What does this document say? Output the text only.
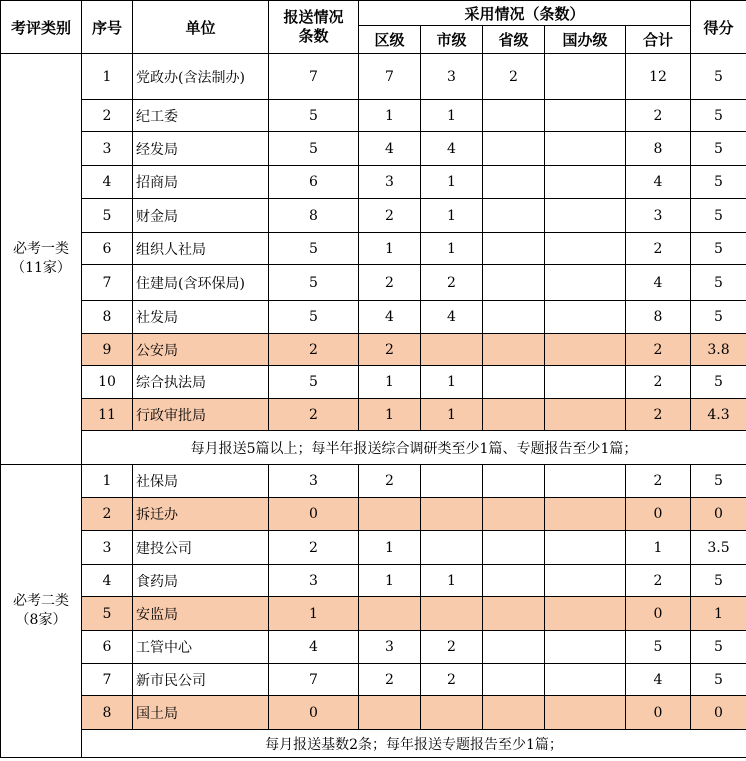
考评类别	序号	单位	报送情况条数	采用情况（条数）					得分
				区级	市级	省级	国办级	合计	

必考一类
（11家）	1	党政办(含法制办)	7	7	3	2		12	5
	2	纪工委	5	1	1			2	5
	3	经发局	5	4	4			8	5
	4	招商局	6	3	1			4	5
	5	财金局	8	2	1			3	5
	6	组织人社局	5	1	1			2	5
	7	住建局(含环保局)	5	2	2			4	5
	8	社发局	5	4	4			8	5
	9	公安局	2	2				2	3.8
	10	综合执法局	5	1	1			2	5
	11	行政审批局	2	1	1			2	4.3
	每月报送5篇以上；每半年报送综合调研类至少1篇、专题报告至少1篇；								

必考二类
（8家）	1	社保局	3	2				2	5
	2	拆迁办	0					0	0
	3	建投公司	2	1				1	3.5
	4	食药局	3	1	1			2	5
	5	安监局	1					0	1
	6	工管中心	4	3	2			5	5
	7	新市民公司	7	2	2			4	5
	8	国土局	0					0	0
	每月报送基数2条；每年报送专题报告至少1篇；								
